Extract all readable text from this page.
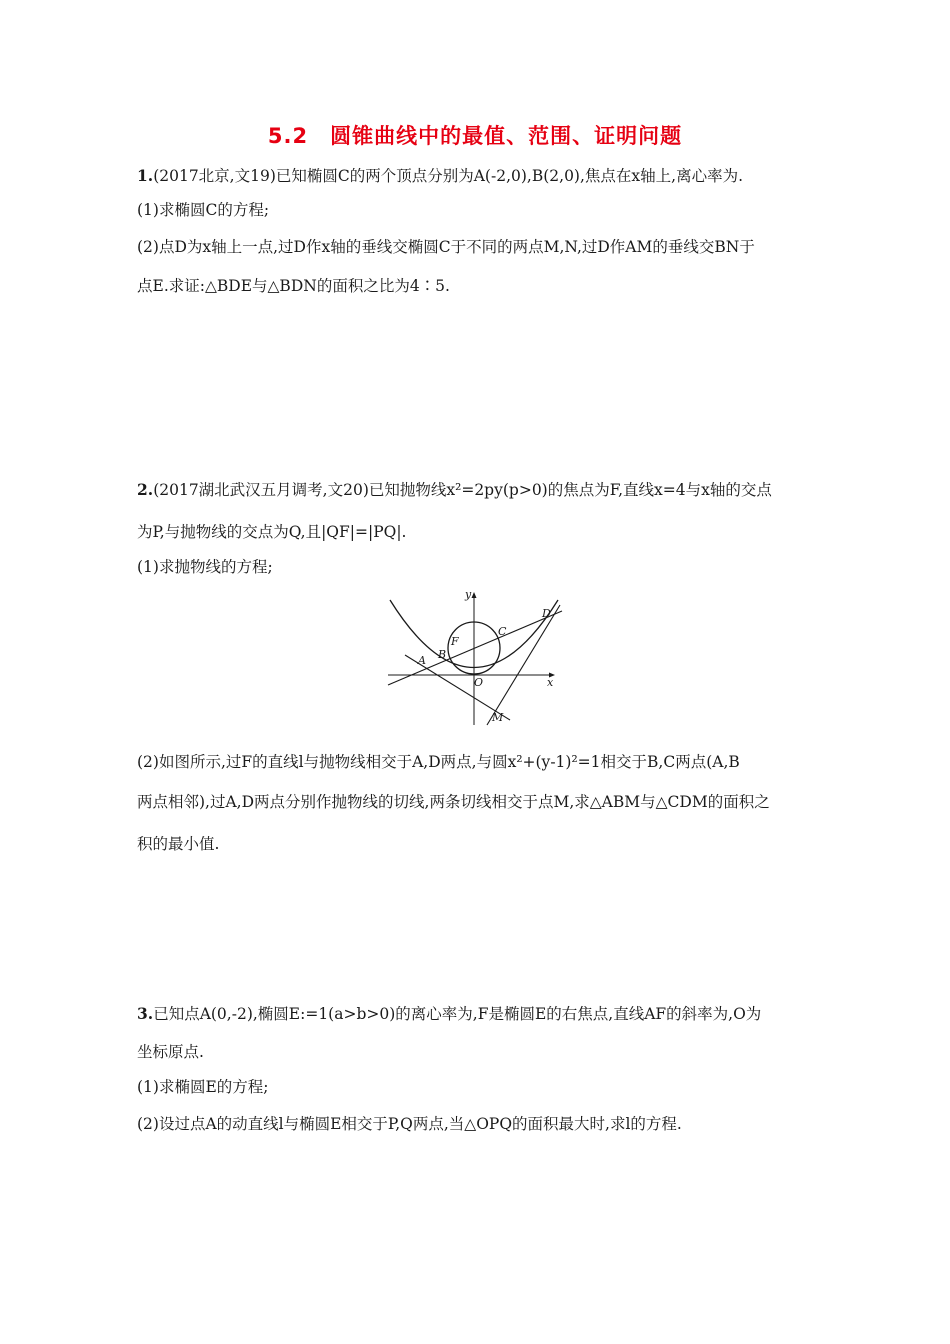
5.2　圆锥曲线中的最值、范围、证明问题
1.(2017北京,文19)已知椭圆C的两个顶点分别为A(-2,0),B(2,0),焦点在x轴上,离心率为.
(1)求椭圆C的方程;
(2)点D为x轴上一点,过D作x轴的垂线交椭圆C于不同的两点M,N,过D作AM的垂线交BN于
点E.求证:△BDE与△BDN的面积之比为4∶5.
2.(2017湖北武汉五月调考,文20)已知抛物线x²=2py(p>0)的焦点为F,直线x=4与x轴的交点
为P,与抛物线的交点为Q,且|QF|=|PQ|.
(1)求抛物线的方程;
y
D
C
F
A B
O	x
M
(2)如图所示,过F的直线l与抛物线相交于A,D两点,与圆x²+(y-1)²=1相交于B,C两点(A,B
两点相邻),过A,D两点分别作抛物线的切线,两条切线相交于点M,求△ABM与△CDM的面积之
积的最小值.
3.已知点A(0,-2),椭圆E:=1(a>b>0)的离心率为,F是椭圆E的右焦点,直线AF的斜率为,O为
坐标原点.
(1)求椭圆E的方程;
(2)设过点A的动直线l与椭圆E相交于P,Q两点,当△OPQ的面积最大时,求l的方程.
